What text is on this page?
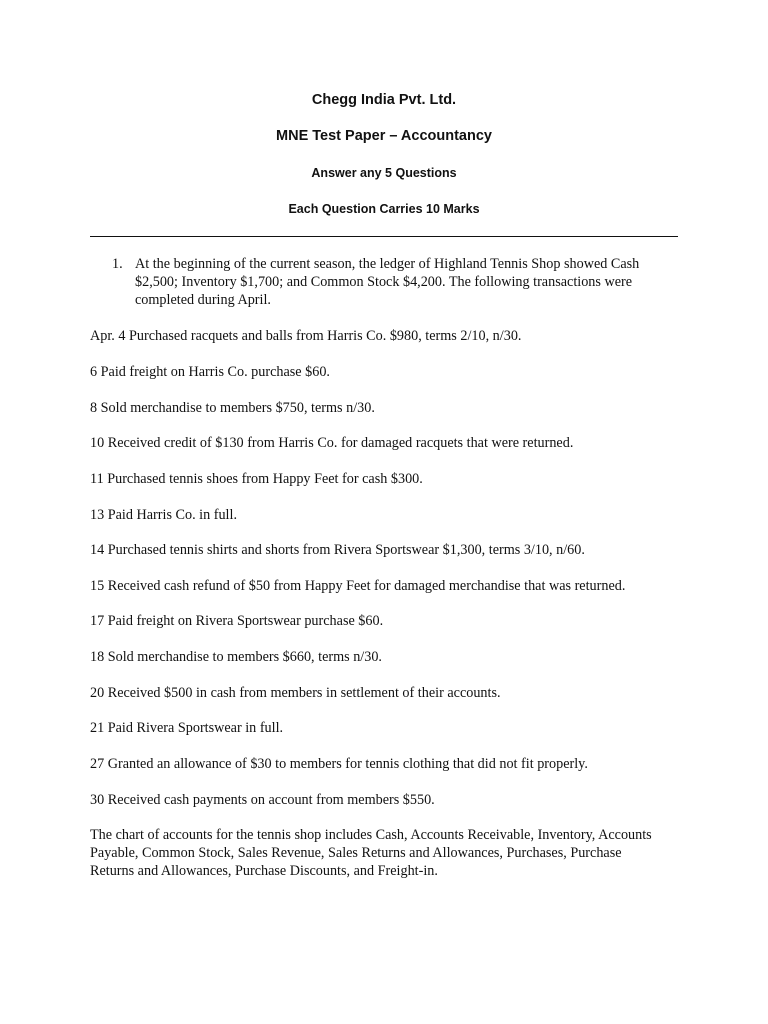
Chegg India Pvt. Ltd.
MNE Test Paper – Accountancy
Answer any 5 Questions
Each Question Carries 10 Marks
1. At the beginning of the current season, the ledger of Highland Tennis Shop showed Cash $2,500; Inventory $1,700; and Common Stock $4,200. The following transactions were completed during April.
Apr. 4 Purchased racquets and balls from Harris Co. $980, terms 2/10, n/30.
6 Paid freight on Harris Co. purchase $60.
8 Sold merchandise to members $750, terms n/30.
10 Received credit of $130 from Harris Co. for damaged racquets that were returned.
11 Purchased tennis shoes from Happy Feet for cash $300.
13 Paid Harris Co. in full.
14 Purchased tennis shirts and shorts from Rivera Sportswear $1,300, terms 3/10, n/60.
15 Received cash refund of $50 from Happy Feet for damaged merchandise that was returned.
17 Paid freight on Rivera Sportswear purchase $60.
18 Sold merchandise to members $660, terms n/30.
20 Received $500 in cash from members in settlement of their accounts.
21 Paid Rivera Sportswear in full.
27 Granted an allowance of $30 to members for tennis clothing that did not fit properly.
30 Received cash payments on account from members $550.
The chart of accounts for the tennis shop includes Cash, Accounts Receivable, Inventory, Accounts Payable, Common Stock, Sales Revenue, Sales Returns and Allowances, Purchases, Purchase Returns and Allowances, Purchase Discounts, and Freight-in.
